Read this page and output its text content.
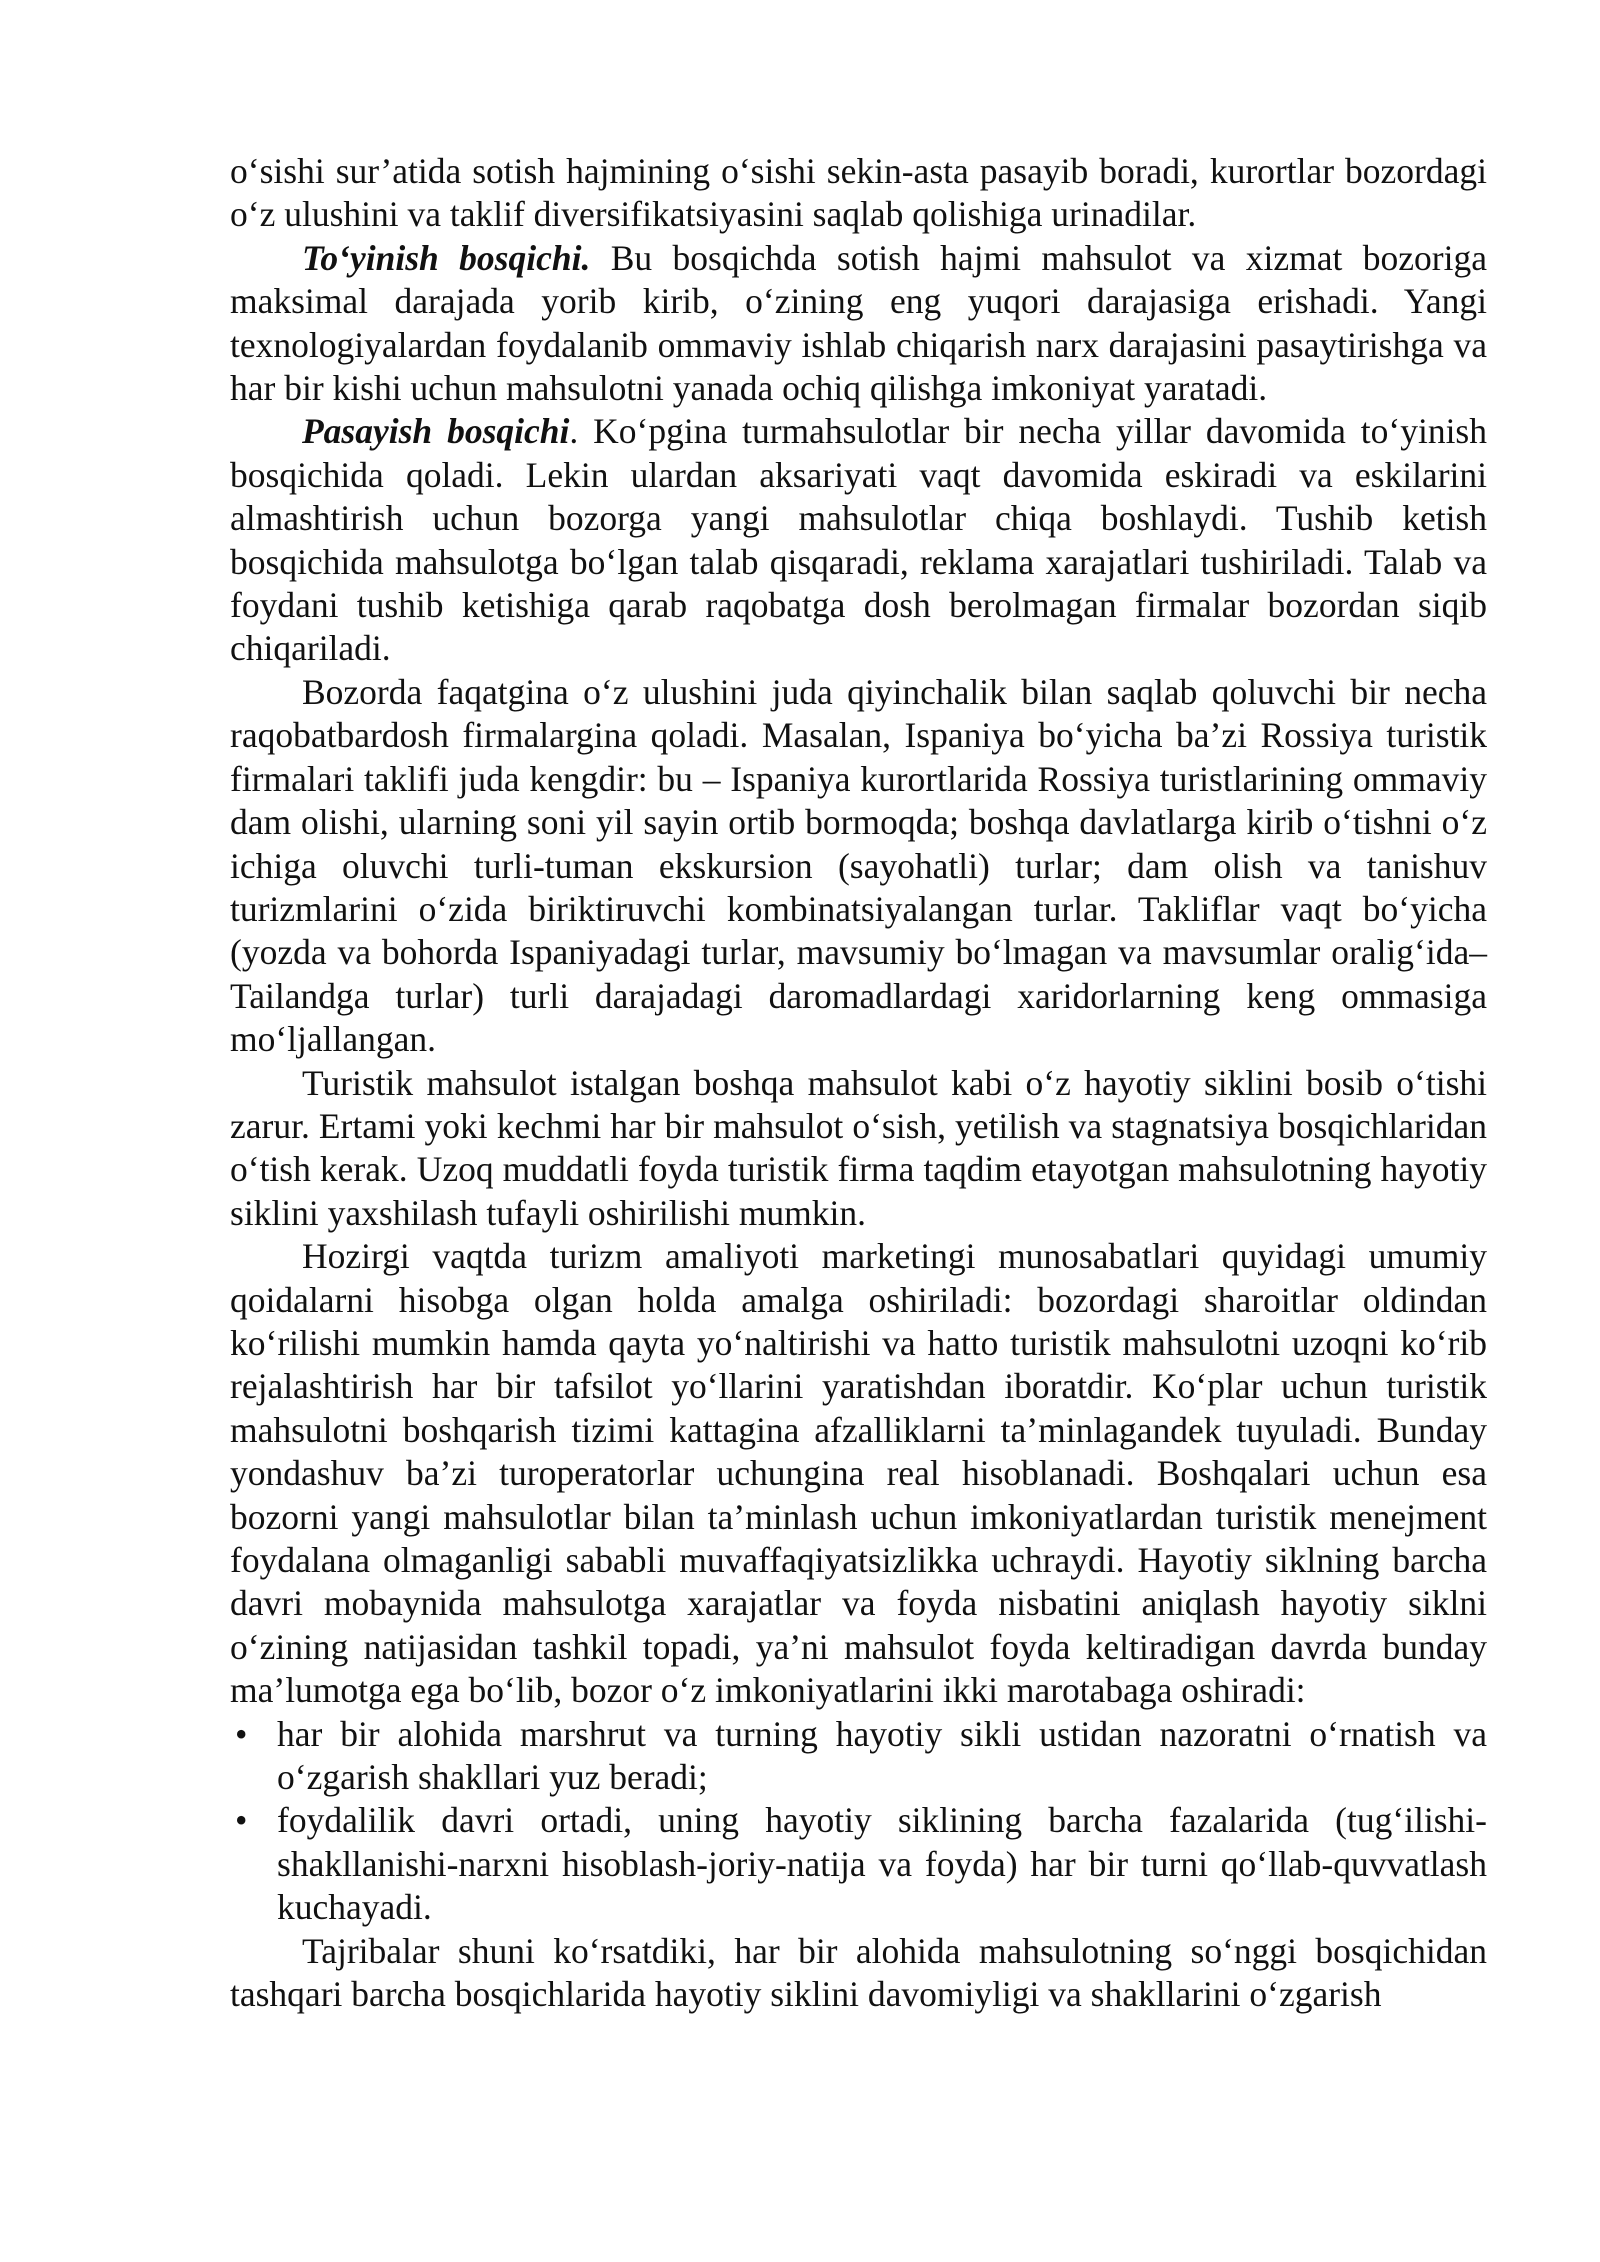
o‘sishi sur’atida sotish hajmining o‘sishi sekin-asta pasayib boradi, kurortlar bozordagi o‘z ulushini va taklif diversifikatsiyasini saqlab qolishiga urinadilar.

To‘yinish bosqichi. Bu bosqichda sotish hajmi mahsulot va xizmat bozoriga maksimal darajada yorib kirib, o‘zining eng yuqori darajasiga erishadi. Yangi texnologiyalardan foydalanib ommaviy ishlab chiqarish narx darajasini pasaytirishga va har bir kishi uchun mahsulotni yanada ochiq qilishga imkoniyat yaratadi.

Pasayish bosqichi. Ko‘pgina turmahsulotlar bir necha yillar davomida to‘yinish bosqichida qoladi. Lekin ulardan aksariyati vaqt davomida eskiradi va eskilarini almashtirish uchun bozorga yangi mahsulotlar chiqa boshlaydi. Tushib ketish bosqichida mahsulotga bo‘lgan talab qisqaradi, reklama xarajatlari tushiriladi. Talab va foydani tushib ketishiga qarab raqobatga dosh berolmagan firmalar bozordan siqib chiqariladi.

Bozorda faqatgina o‘z ulushini juda qiyinchalik bilan saqlab qoluvchi bir necha raqobatbardosh firmalargina qoladi. Masalan, Ispaniya bo‘yicha ba’zi Rossiya turistik firmalari taklifi juda kengdir: bu – Ispaniya kurortlarida Rossiya turistlarining ommaviy dam olishi, ularning soni yil sayin ortib bormoqda; boshqa davlatlarga kirib o‘tishni o‘z ichiga oluvchi turli-tuman ekskursion (sayohatli) turlar; dam olish va tanishuv turizmlarini o‘zida biriktiruvchi kombinatsiyalangan turlar. Takliflar vaqt bo‘yicha (yozda va bohorda Ispaniyadagi turlar, mavsumiy bo‘lmagan va mavsumlar oralig‘ida–Tailandga turlar) turli darajadagi daromadlardagi xaridorlarning keng ommasiga mo‘ljallangan.

Turistik mahsulot istalgan boshqa mahsulot kabi o‘z hayotiy siklini bosib o‘tishi zarur. Ertami yoki kechmi har bir mahsulot o‘sish, yetilish va stagnatsiya bosqichlaridan o‘tish kerak. Uzoq muddatli foyda turistik firma taqdim etayotgan mahsulotning hayotiy siklini yaxshilash tufayli oshirilishi mumkin.

Hozirgi vaqtda turizm amaliyoti marketingi munosabatlari quyidagi umumiy qoidalarni hisobga olgan holda amalga oshiriladi: bozordagi sharoitlar oldindan ko‘rilishi mumkin hamda qayta yo‘naltirishi va hatto turistik mahsulotni uzoqni ko‘rib rejalashtirish har bir tafsilot yo‘llarini yaratishdan iboratdir. Ko‘plar uchun turistik mahsulotni boshqarish tizimi kattagina afzalliklarni ta’minlagandek tuyuladi. Bunday yondashuv ba’zi turoperatorlar uchungina real hisoblanadi. Boshqalari uchun esa bozorni yangi mahsulotlar bilan ta’minlash uchun imkoniyatlardan turistik menejment foydalana olmaganligi sababli muvaffaqiyatsizlikka uchraydi. Hayotiy siklning barcha davri mobaynida mahsulotga xarajatlar va foyda nisbatini aniqlash hayotiy siklni o‘zining natijasidan tashkil topadi, ya’ni mahsulot foyda keltiradigan davrda bunday ma’lumotga ega bo‘lib, bozor o‘z imkoniyatlarini ikki marotabaga oshiradi:

• har bir alohida marshrut va turning hayotiy sikli ustidan nazoratni o‘rnatish va o‘zgarish shakllari yuz beradi;
• foydalilik davri ortadi, uning hayotiy siklining barcha fazalarida (tug‘ilishi-shakllanishi-narxni hisoblash-joriy-natija va foyda) har bir turni qo‘llab-quvvatlash kuchayadi.

Tajribalar shuni ko‘rsatdiki, har bir alohida mahsulotning so‘nggi bosqichidan tashqari barcha bosqichlarida hayotiy siklini davomiyligi va shakllarini o‘zgarish
